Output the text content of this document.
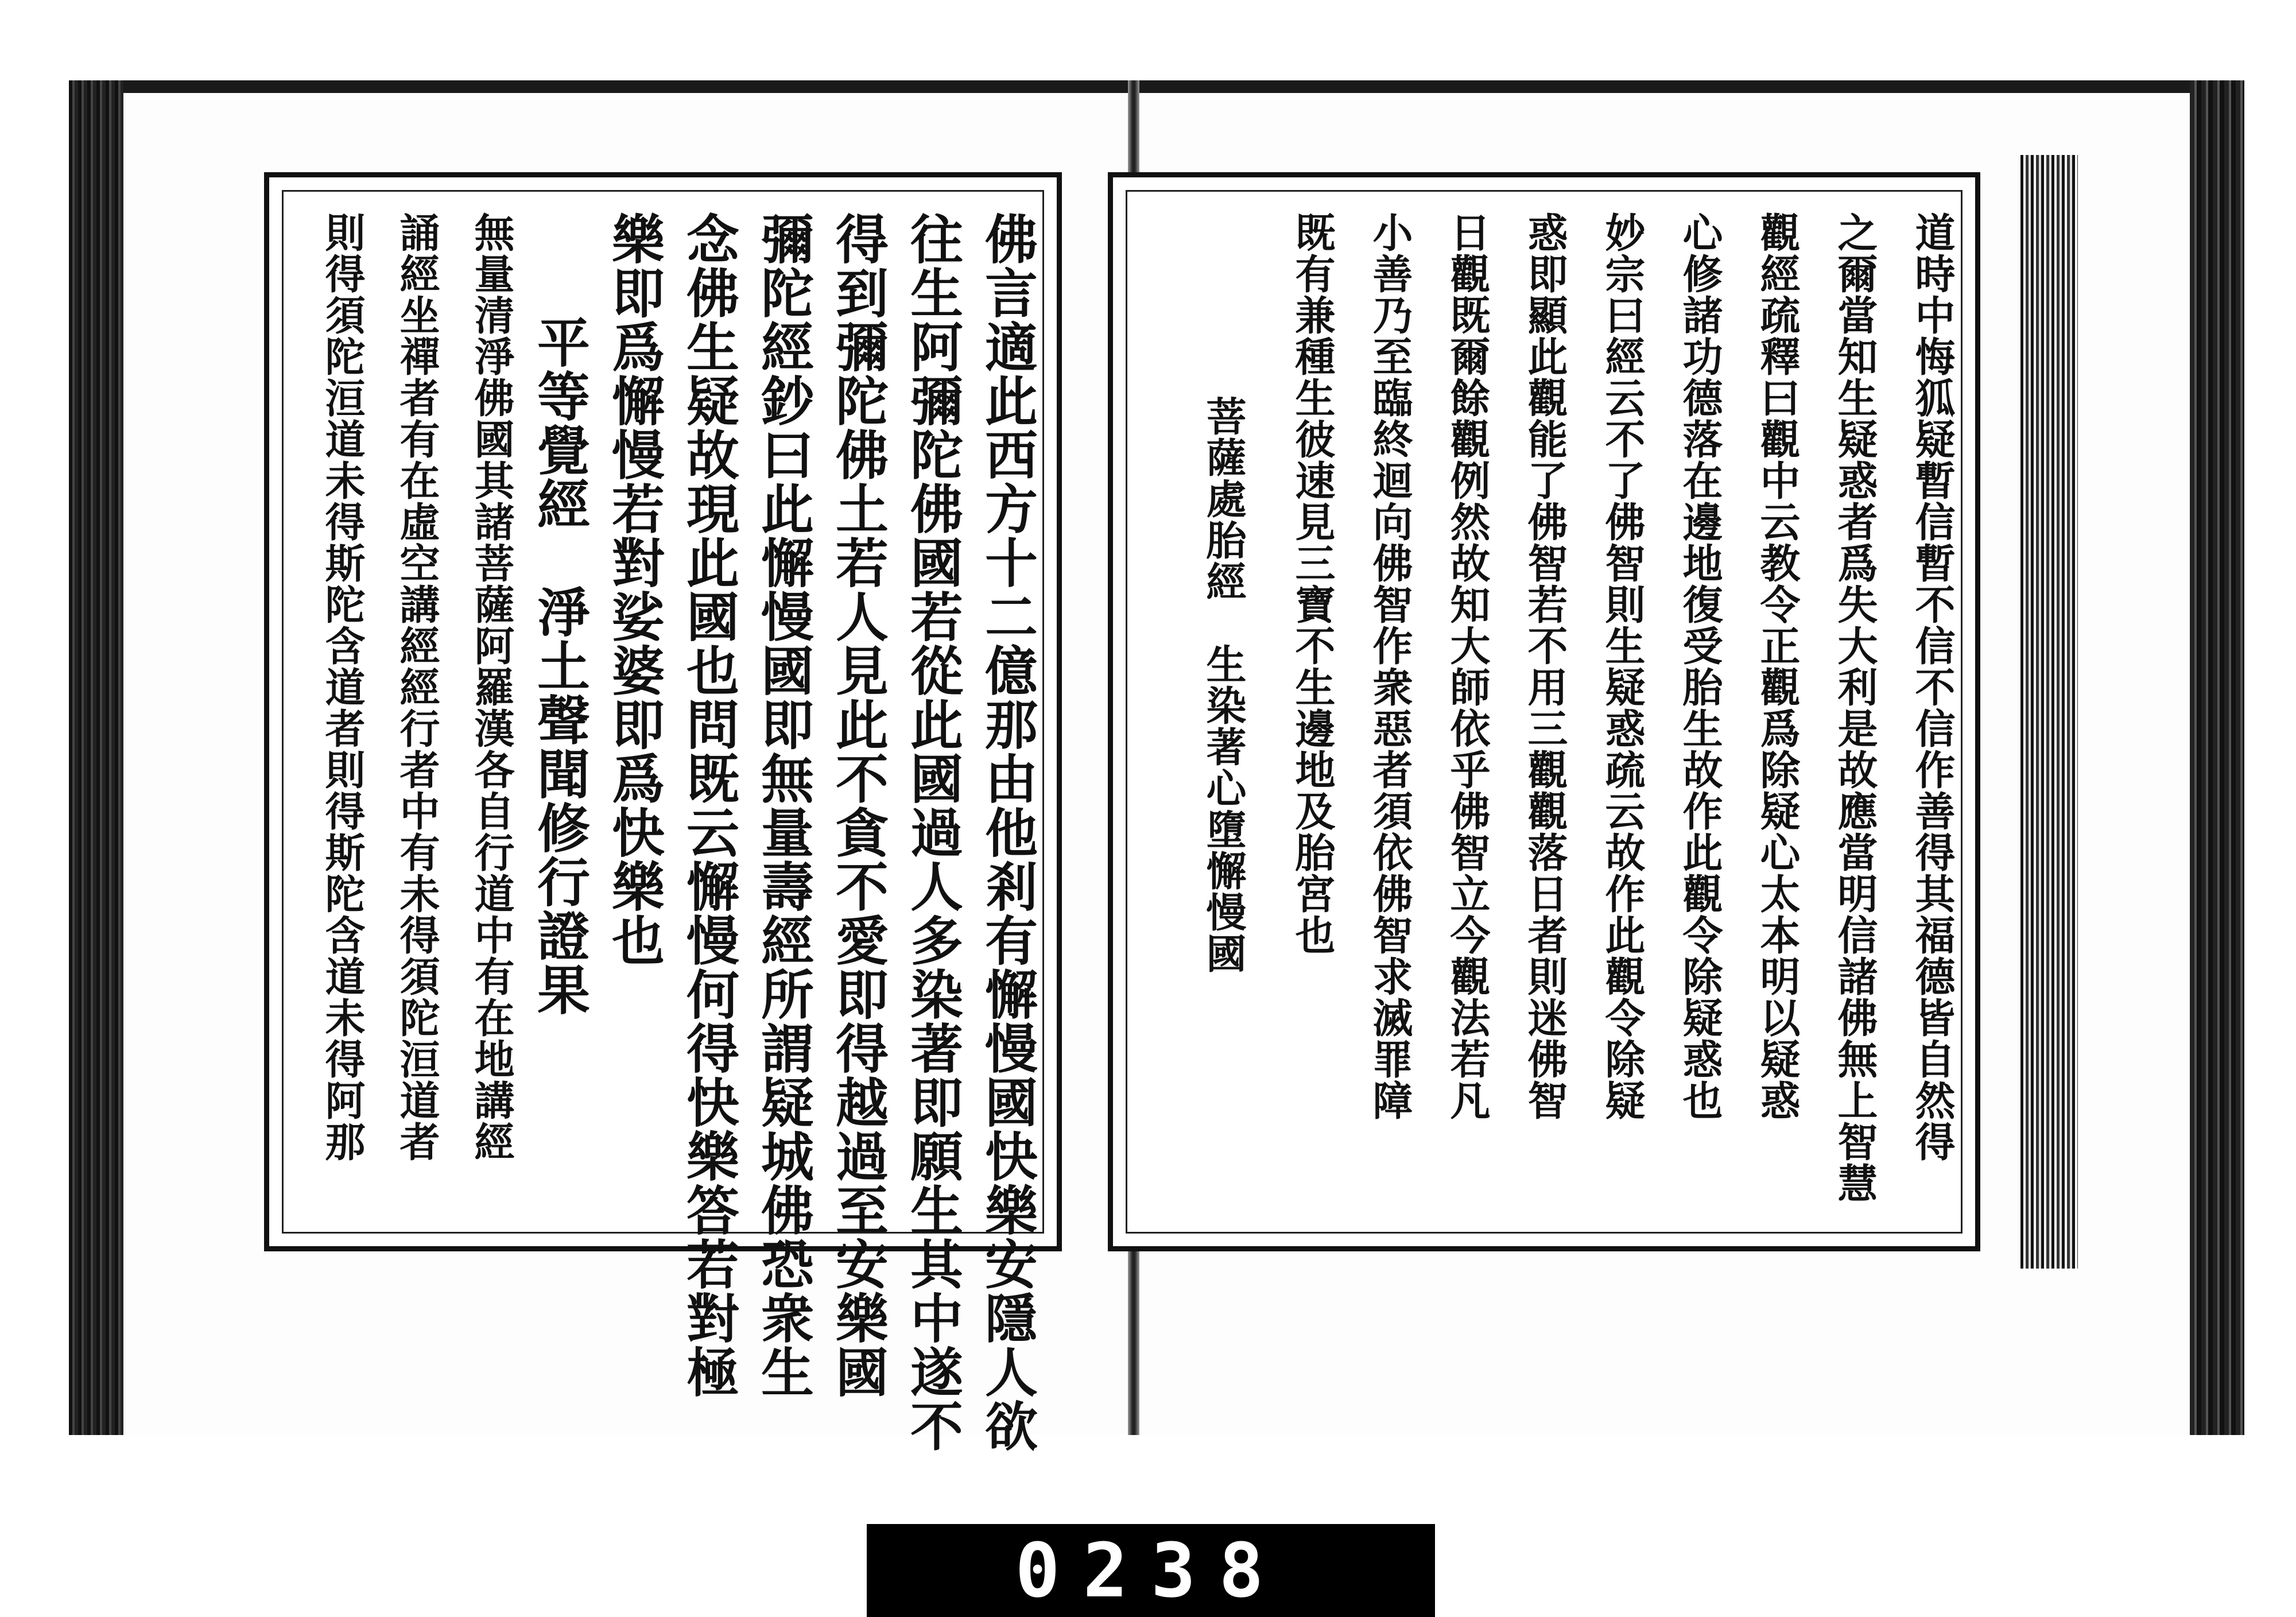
佛言適此西方十二億那由他剎有懈慢國快樂安隱人欲
往生阿彌陀佛國若從此國過人多染著即願生其中遂不
得到彌陀佛土若人見此不貪不愛即得越過至安樂國
彌陀經鈔曰此懈慢國即無量壽經所謂疑城佛恐衆生
念佛生疑故現此國也問既云懈慢何得快樂答若對極
樂即爲懈慢若對娑婆即爲快樂也
平等覺經　淨土聲聞修行證果
無量清淨佛國其諸菩薩阿羅漢各自行道中有在地講經
誦經坐禪者有在虛空講經經行者中有未得須陀洹道者
則得須陀洹道未得斯陀含道者則得斯陀含道未得阿那	道時中悔狐疑暫信暫不信不信作善得其福德皆自然得
之爾當知生疑惑者爲失大利是故應當明信諸佛無上智慧
觀經疏釋曰觀中云教令正觀爲除疑心太本明以疑惑
心修諸功德落在邊地復受胎生故作此觀令除疑惑也
妙宗曰經云不了佛智則生疑惑疏云故作此觀令除疑
惑即顯此觀能了佛智若不用三觀觀落日者則迷佛智
日觀既爾餘觀例然故知大師依乎佛智立今觀法若凡
小善乃至臨終迴向佛智作衆惡者須依佛智求滅罪障
既有兼種生彼速見三寶不生邊地及胎宮也
菩薩處胎經　生染著心墮懈慢國
0238
